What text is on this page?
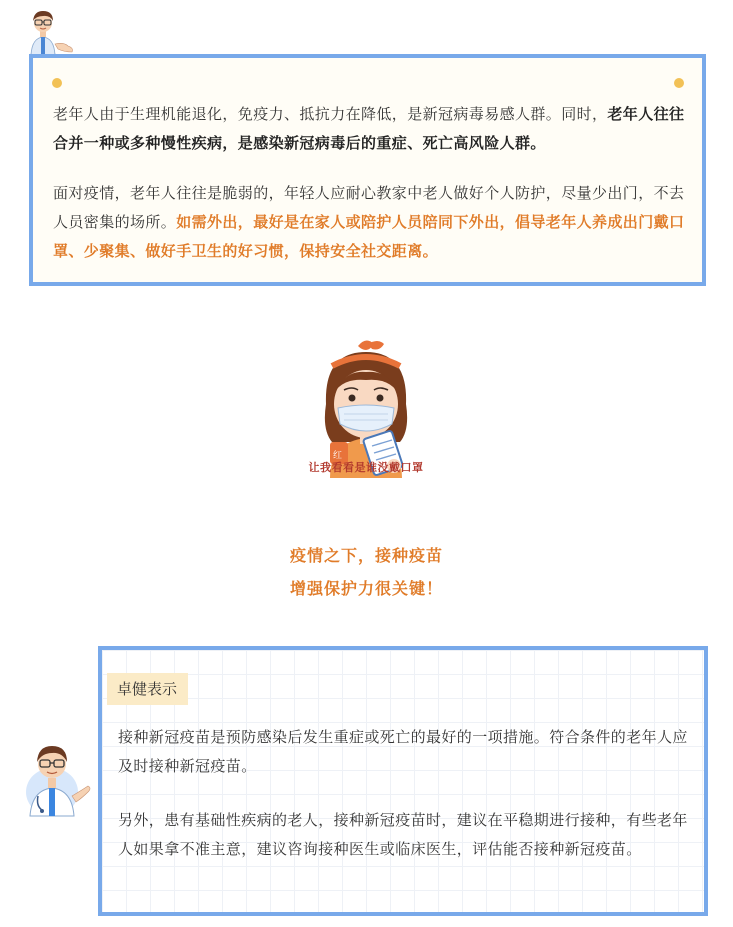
老年人由于生理机能退化，免疫力、抵抗力在降低，是新冠病毒易感人群。同时，老年人往往合并一种或多种慢性疾病，是感染新冠病毒后的重症、死亡高风险人群。
面对疫情，老年人往往是脆弱的，年轻人应耐心教家中老人做好个人防护，尽量少出门，不去人员密集的场所。如需外出，最好是在家人或陪护人员陪同下外出，倡导老年人养成出门戴口罩、少聚集、做好手卫生的好习惯，保持安全社交距离。
红
让我看看是谁没戴口罩
疫情之下，接种疫苗
增强保护力很关键！
卓健表示
接种新冠疫苗是预防感染后发生重症或死亡的最好的一项措施。符合条件的老年人应及时接种新冠疫苗。
另外，患有基础性疾病的老人，接种新冠疫苗时，建议在平稳期进行接种，有些老年人如果拿不准主意，建议咨询接种医生或临床医生，评估能否接种新冠疫苗。
